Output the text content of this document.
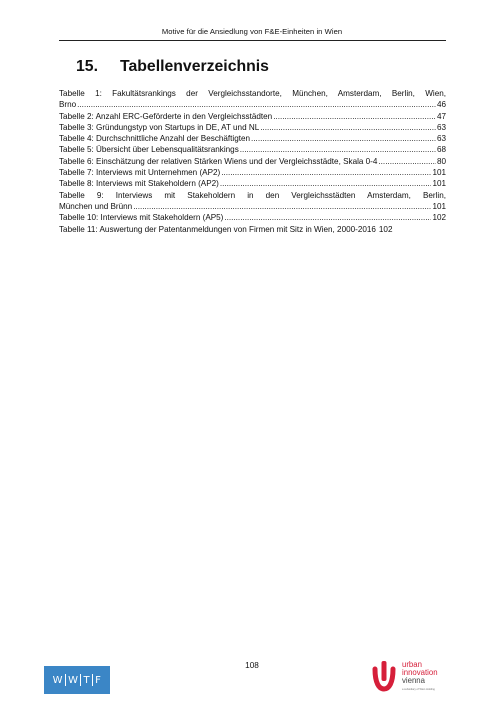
Motive für die Ansiedlung von F&E-Einheiten in Wien
15. Tabellenverzeichnis
Tabelle 1: Fakultätsrankings der Vergleichsstandorte, München, Amsterdam, Berlin, Wien,
Brno .....	46
Tabelle 2: Anzahl ERC-Geförderte in den Vergleichsstädten .....	47
Tabelle 3: Gründungstyp von Startups in DE, AT und NL .....	63
Tabelle 4: Durchschnittliche Anzahl der Beschäftigten .....	63
Tabelle 5: Übersicht über Lebensqualitätsrankings .....	68
Tabelle 6: Einschätzung der relativen Stärken Wiens und der Vergleichsstädte, Skala 0-4 .....	80
Tabelle 7: Interviews mit Unternehmen (AP2) .....	101
Tabelle 8: Interviews mit Stakeholdern (AP2) .....	101
Tabelle 9: Interviews mit Stakeholdern in den Vergleichsstädten Amsterdam, Berlin,
München und Brünn .....	101
Tabelle 10: Interviews mit Stakeholdern (AP5) .....	102
Tabelle 11: Auswertung der Patentanmeldungen von Firmen mit Sitz in Wien, 2000-2016 102
108
W W T F
urban
innovation
vienna
a subsidiary of Wien Holding
